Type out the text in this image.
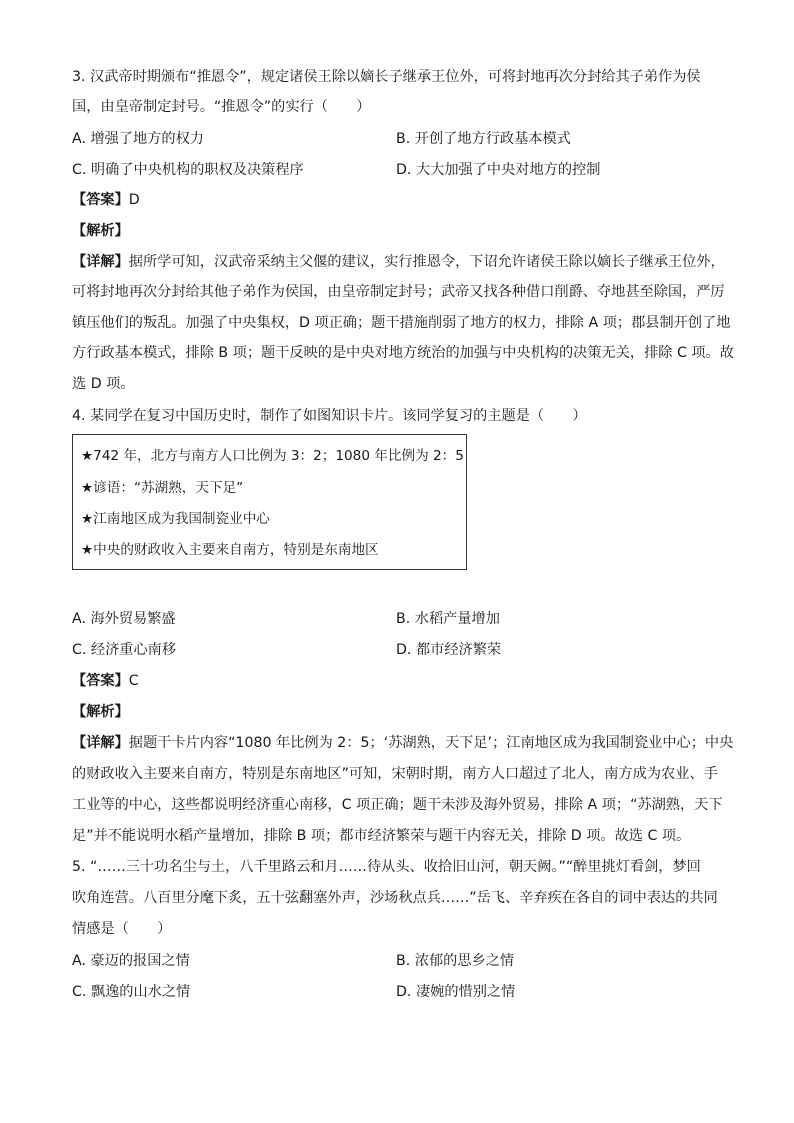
3. 汉武帝时期颁布“推恩令”，规定诸侯王除以嫡长子继承王位外，可将封地再次分封给其子弟作为侯
国，由皇帝制定封号。“推恩令”的实行（　　）
A. 增强了地方的权力	B. 开创了地方行政基本模式
C. 明确了中央机构的职权及决策程序	D. 大大加强了中央对地方的控制
【答案】D
【解析】
【详解】据所学可知，汉武帝采纳主父偃的建议，实行推恩令，下诏允许诸侯王除以嫡长子继承王位外，
可将封地再次分封给其他子弟作为侯国，由皇帝制定封号；武帝又找各种借口削爵、夺地甚至除国，严厉
镇压他们的叛乱。加强了中央集权，D 项正确；题干措施削弱了地方的权力，排除 A 项；郡县制开创了地
方行政基本模式，排除 B 项；题干反映的是中央对地方统治的加强与中央机构的决策无关，排除 C 项。故
选 D 项。
4. 某同学在复习中国历史时，制作了如图知识卡片。该同学复习的主题是（　　）
★742 年，北方与南方人口比例为 3：2；1080 年比例为 2：5
★谚语：“苏湖熟，天下足”
★江南地区成为我国制瓷业中心
★中央的财政收入主要来自南方，特别是东南地区
A. 海外贸易繁盛	B. 水稻产量增加
C. 经济重心南移	D. 都市经济繁荣
【答案】C
【解析】
【详解】据题干卡片内容“1080 年比例为 2：5；‘苏湖熟，天下足’；江南地区成为我国制瓷业中心；中央
的财政收入主要来自南方，特别是东南地区”可知，宋朝时期，南方人口超过了北人，南方成为农业、手
工业等的中心，这些都说明经济重心南移，C 项正确；题干未涉及海外贸易，排除 A 项；“苏湖熟，天下
足”并不能说明水稻产量增加，排除 B 项；都市经济繁荣与题干内容无关，排除 D 项。故选 C 项。
5. “……三十功名尘与土，八千里路云和月……待从头、收拾旧山河，朝天阙。”“醉里挑灯看剑，梦回
吹角连营。八百里分麾下炙，五十弦翻塞外声，沙场秋点兵……”岳飞、辛弃疾在各自的词中表达的共同
情感是（　　）
A. 豪迈的报国之情	B. 浓郁的思乡之情
C. 飘逸的山水之情	D. 凄婉的惜别之情
